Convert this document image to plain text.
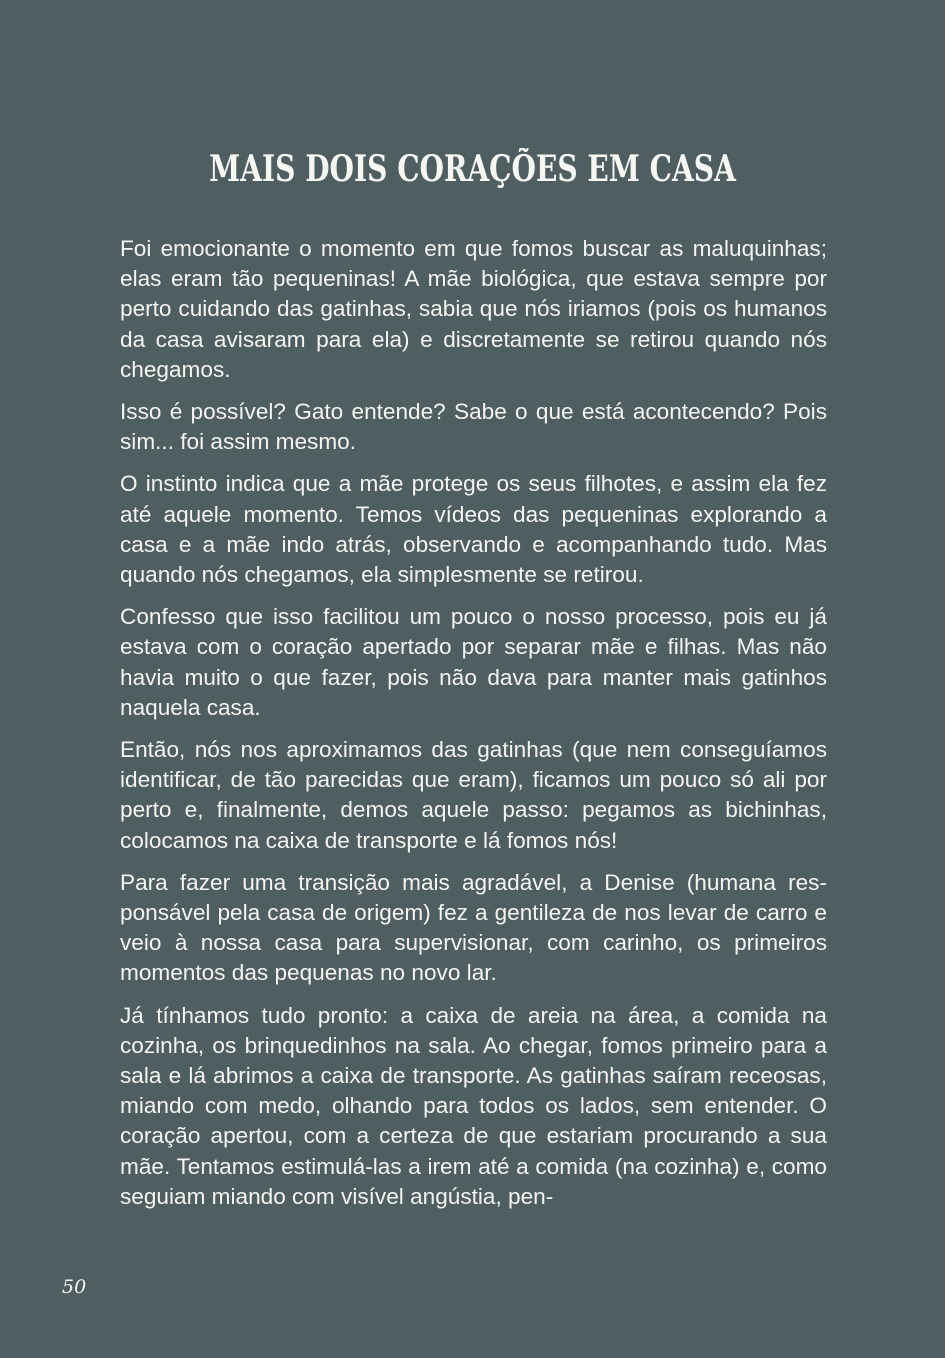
MAIS DOIS CORAÇÕES EM CASA

Foi emocionante o momento em que fomos buscar as maluquinhas; elas eram tão pequeninas! A mãe biológica, que estava sempre por perto cuidando das gatinhas, sabia que nós iriamos (pois os humanos da casa avisaram para ela) e discretamente se retirou quando nós chegamos.

Isso é possível? Gato entende? Sabe o que está acontecendo? Pois sim... foi assim mesmo.

O instinto indica que a mãe protege os seus filhotes, e assim ela fez até aquele momento. Temos vídeos das pequeninas explorando a casa e a mãe indo atrás, observando e acompanhando tudo. Mas quando nós chegamos, ela simplesmente se retirou.

Confesso que isso facilitou um pouco o nosso processo, pois eu já estava com o coração apertado por separar mãe e filhas. Mas não havia muito o que fazer, pois não dava para manter mais gatinhos naquela casa.

Então, nós nos aproximamos das gatinhas (que nem conseguíamos identificar, de tão parecidas que eram), ficamos um pouco só ali por perto e, finalmente, demos aquele passo: pegamos as bichinhas, colocamos na caixa de transporte e lá fomos nós!

Para fazer uma transição mais agradável, a Denise (humana responsável pela casa de origem) fez a gentileza de nos levar de carro e veio à nossa casa para supervisionar, com carinho, os primeiros momentos das pequenas no novo lar.

Já tínhamos tudo pronto: a caixa de areia na área, a comida na cozinha, os brinquedinhos na sala. Ao chegar, fomos primeiro para a sala e lá abrimos a caixa de transporte. As gatinhas saíram receosas, miando com medo, olhando para todos os lados, sem entender. O coração apertou, com a certeza de que estariam procurando a sua mãe. Tentamos estimulá-las a irem até a comida (na cozinha) e, como seguiam miando com visível angústia, pen-

50
